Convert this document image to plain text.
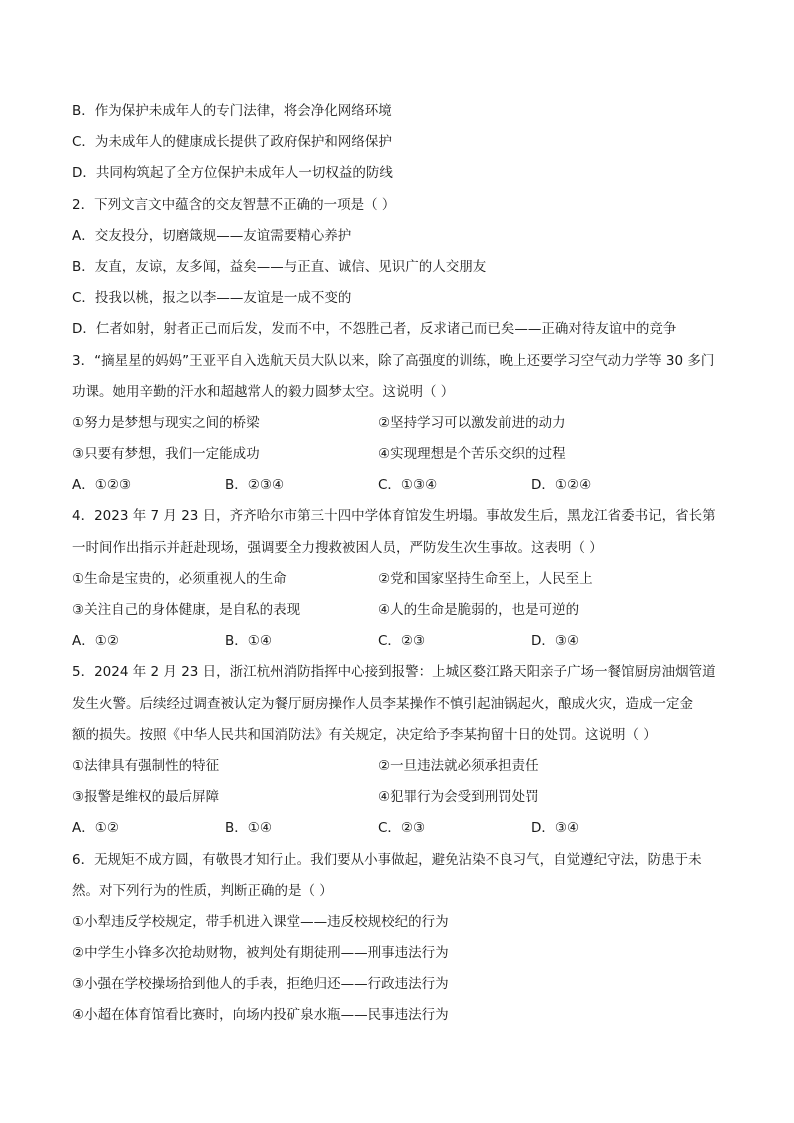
B．作为保护未成年人的专门法律，将会净化网络环境
C．为未成年人的健康成长提供了政府保护和网络保护
D．共同构筑起了全方位保护未成年人一切权益的防线
2．下列文言文中蕴含的交友智慧不正确的一项是（ ）
A．交友投分，切磨箴规——友谊需要精心养护
B．友直，友谅，友多闻，益矣——与正直、诚信、见识广的人交朋友
C．投我以桃，报之以李——友谊是一成不变的
D．仁者如射，射者正己而后发，发而不中，不怨胜己者，反求诸己而已矣——正确对待友谊中的竞争
3．“摘星星的妈妈”王亚平自入选航天员大队以来，除了高强度的训练，晚上还要学习空气动力学等 30 多门
功课。她用辛勤的汗水和超越常人的毅力圆梦太空。这说明（ ）
①努力是梦想与现实之间的桥梁	②坚持学习可以激发前进的动力
③只要有梦想，我们一定能成功	④实现理想是个苦乐交织的过程
A．①②③	B．②③④	C．①③④	D．①②④
4．2023 年 7 月 23 日，齐齐哈尔市第三十四中学体育馆发生坍塌。事故发生后，黑龙江省委书记，省长第
一时间作出指示并赶赴现场，强调要全力搜救被困人员，严防发生次生事故。这表明（ ）
①生命是宝贵的，必须重视人的生命	②党和国家坚持生命至上，人民至上
③关注自己的身体健康，是自私的表现	④人的生命是脆弱的，也是可逆的
A．①②	B．①④	C．②③	D．③④
5．2024 年 2 月 23 日，浙江杭州消防指挥中心接到报警：上城区婺江路天阳亲子广场一餐馆厨房油烟管道
发生火警。后续经过调查被认定为餐厅厨房操作人员李某操作不慎引起油锅起火，酿成火灾，造成一定金
额的损失。按照《中华人民共和国消防法》有关规定，决定给予李某拘留十日的处罚。这说明（ ）
①法律具有强制性的特征	②一旦违法就必须承担责任
③报警是维权的最后屏障	④犯罪行为会受到刑罚处罚
A．①②	B．①④	C．②③	D．③④
6．无规矩不成方圆，有敬畏才知行止。我们要从小事做起，避免沾染不良习气，自觉遵纪守法，防患于未
然。对下列行为的性质，判断正确的是（ ）
①小犁违反学校规定，带手机进入课堂——违反校规校纪的行为
②中学生小锋多次抢劫财物，被判处有期徒刑——刑事违法行为
③小强在学校操场拾到他人的手表，拒绝归还——行政违法行为
④小超在体育馆看比赛时，向场内投矿泉水瓶——民事违法行为
